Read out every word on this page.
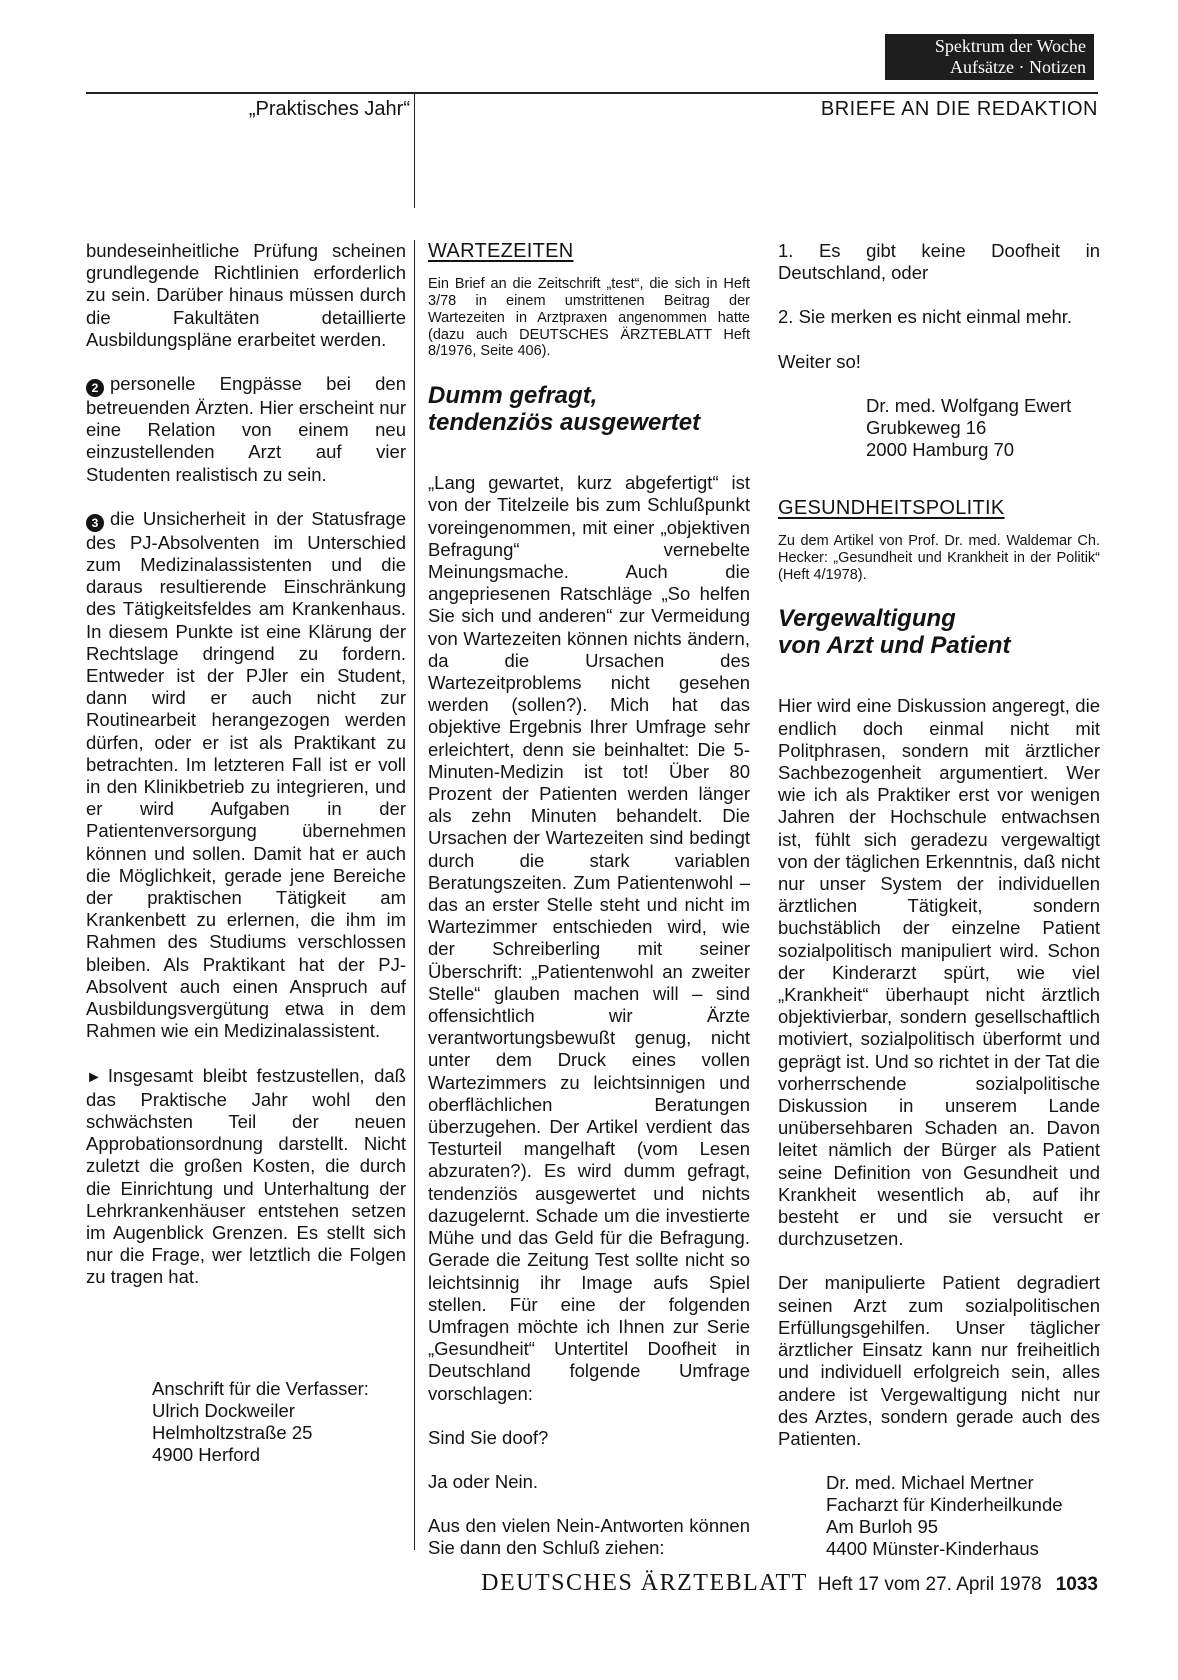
Spektrum der Woche
Aufsätze · Notizen
„Praktisches Jahr“	BRIEFE AN DIE REDAKTION

bundeseinheitliche Prüfung scheinen grundlegende Richtlinien erforderlich zu sein. Darüber hinaus müssen durch die Fakultäten detaillierte Ausbildungspläne erarbeitet werden.

2 personelle Engpässe bei den betreuenden Ärzten. Hier erscheint nur eine Relation von einem neu einzustellenden Arzt auf vier Studenten realistisch zu sein.

3 die Unsicherheit in der Statusfrage des PJ-Absolventen im Unterschied zum Medizinalassistenten und die daraus resultierende Einschränkung des Tätigkeitsfeldes am Krankenhaus. In diesem Punkte ist eine Klärung der Rechtslage dringend zu fordern. Entweder ist der PJler ein Student, dann wird er auch nicht zur Routinearbeit herangezogen werden dürfen, oder er ist als Praktikant zu betrachten. Im letzteren Fall ist er voll in den Klinikbetrieb zu integrieren, und er wird Aufgaben in der Patientenversorgung übernehmen können und sollen. Damit hat er auch die Möglichkeit, gerade jene Bereiche der praktischen Tätigkeit am Krankenbett zu erlernen, die ihm im Rahmen des Studiums verschlossen bleiben. Als Praktikant hat der PJ-Absolvent auch einen Anspruch auf Ausbildungsvergütung etwa in dem Rahmen wie ein Medizinalassistent.

► Insgesamt bleibt festzustellen, daß das Praktische Jahr wohl den schwächsten Teil der neuen Approbationsordnung darstellt. Nicht zuletzt die großen Kosten, die durch die Einrichtung und Unterhaltung der Lehrkrankenhäuser entstehen setzen im Augenblick Grenzen. Es stellt sich nur die Frage, wer letztlich die Folgen zu tragen hat.

Anschrift für die Verfasser:
Ulrich Dockweiler
Helmholtzstraße 25
4900 Herford
WARTEZEITEN

Ein Brief an die Zeitschrift „test“, die sich in Heft 3/78 in einem umstrittenen Beitrag der Wartezeiten in Arztpraxen angenommen hatte (dazu auch DEUTSCHES ÄRZTEBLATT Heft 8/1976, Seite 406).

Dumm gefragt,
tendenziös ausgewertet

„Lang gewartet, kurz abgefertigt“ ist von der Titelzeile bis zum Schlußpunkt voreingenommen, mit einer „objektiven Befragung“ vernebelte Meinungsmache. Auch die angepriesenen Ratschläge „So helfen Sie sich und anderen“ zur Vermeidung von Wartezeiten können nichts ändern, da die Ursachen des Wartezeitproblems nicht gesehen werden (sollen?). Mich hat das objektive Ergebnis Ihrer Umfrage sehr erleichtert, denn sie beinhaltet: Die 5-Minuten-Medizin ist tot! Über 80 Prozent der Patienten werden länger als zehn Minuten behandelt. Die Ursachen der Wartezeiten sind bedingt durch die stark variablen Beratungszeiten. Zum Patientenwohl – das an erster Stelle steht und nicht im Wartezimmer entschieden wird, wie der Schreiberling mit seiner Überschrift: „Patientenwohl an zweiter Stelle“ glauben machen will – sind offensichtlich wir Ärzte verantwortungsbewußt genug, nicht unter dem Druck eines vollen Wartezimmers zu leichtsinnigen und oberflächlichen Beratungen überzugehen. Der Artikel verdient das Testurteil mangelhaft (vom Lesen abzuraten?). Es wird dumm gefragt, tendenziös ausgewertet und nichts dazugelernt. Schade um die investierte Mühe und das Geld für die Befragung. Gerade die Zeitung Test sollte nicht so leichtsinnig ihr Image aufs Spiel stellen. Für eine der folgenden Umfragen möchte ich Ihnen zur Serie „Gesundheit“ Untertitel Doofheit in Deutschland folgende Umfrage vorschlagen:

Sind Sie doof?

Ja oder Nein.

Aus den vielen Nein-Antworten können Sie dann den Schluß ziehen:

1. Es gibt keine Doofheit in Deutschland, oder

2. Sie merken es nicht einmal mehr.

Weiter so!

Dr. med. Wolfgang Ewert
Grubkeweg 16
2000 Hamburg 70
GESUNDHEITSPOLITIK

Zu dem Artikel von Prof. Dr. med. Waldemar Ch. Hecker: „Gesundheit und Krankheit in der Politik“ (Heft 4/1978).

Vergewaltigung
von Arzt und Patient

Hier wird eine Diskussion angeregt, die endlich doch einmal nicht mit Politphrasen, sondern mit ärztlicher Sachbezogenheit argumentiert. Wer wie ich als Praktiker erst vor wenigen Jahren der Hochschule entwachsen ist, fühlt sich geradezu vergewaltigt von der täglichen Erkenntnis, daß nicht nur unser System der individuellen ärztlichen Tätigkeit, sondern buchstäblich der einzelne Patient sozialpolitisch manipuliert wird. Schon der Kinderarzt spürt, wie viel „Krankheit“ überhaupt nicht ärztlich objektivierbar, sondern gesellschaftlich motiviert, sozialpolitisch überformt und geprägt ist. Und so richtet in der Tat die vorherrschende sozialpolitische Diskussion in unserem Lande unübersehbaren Schaden an. Davon leitet nämlich der Bürger als Patient seine Definition von Gesundheit und Krankheit wesentlich ab, auf ihr besteht er und sie versucht er durchzusetzen.

Der manipulierte Patient degradiert seinen Arzt zum sozialpolitischen Erfüllungsgehilfen. Unser täglicher ärztlicher Einsatz kann nur freiheitlich und individuell erfolgreich sein, alles andere ist Vergewaltigung nicht nur des Arztes, sondern gerade auch des Patienten.

Dr. med. Michael Mertner
Facharzt für Kinderheilkunde
Am Burloh 95
4400 Münster-Kinderhaus
DEUTSCHES ÄRZTEBLATT Heft 17 vom 27. April 1978 1033
